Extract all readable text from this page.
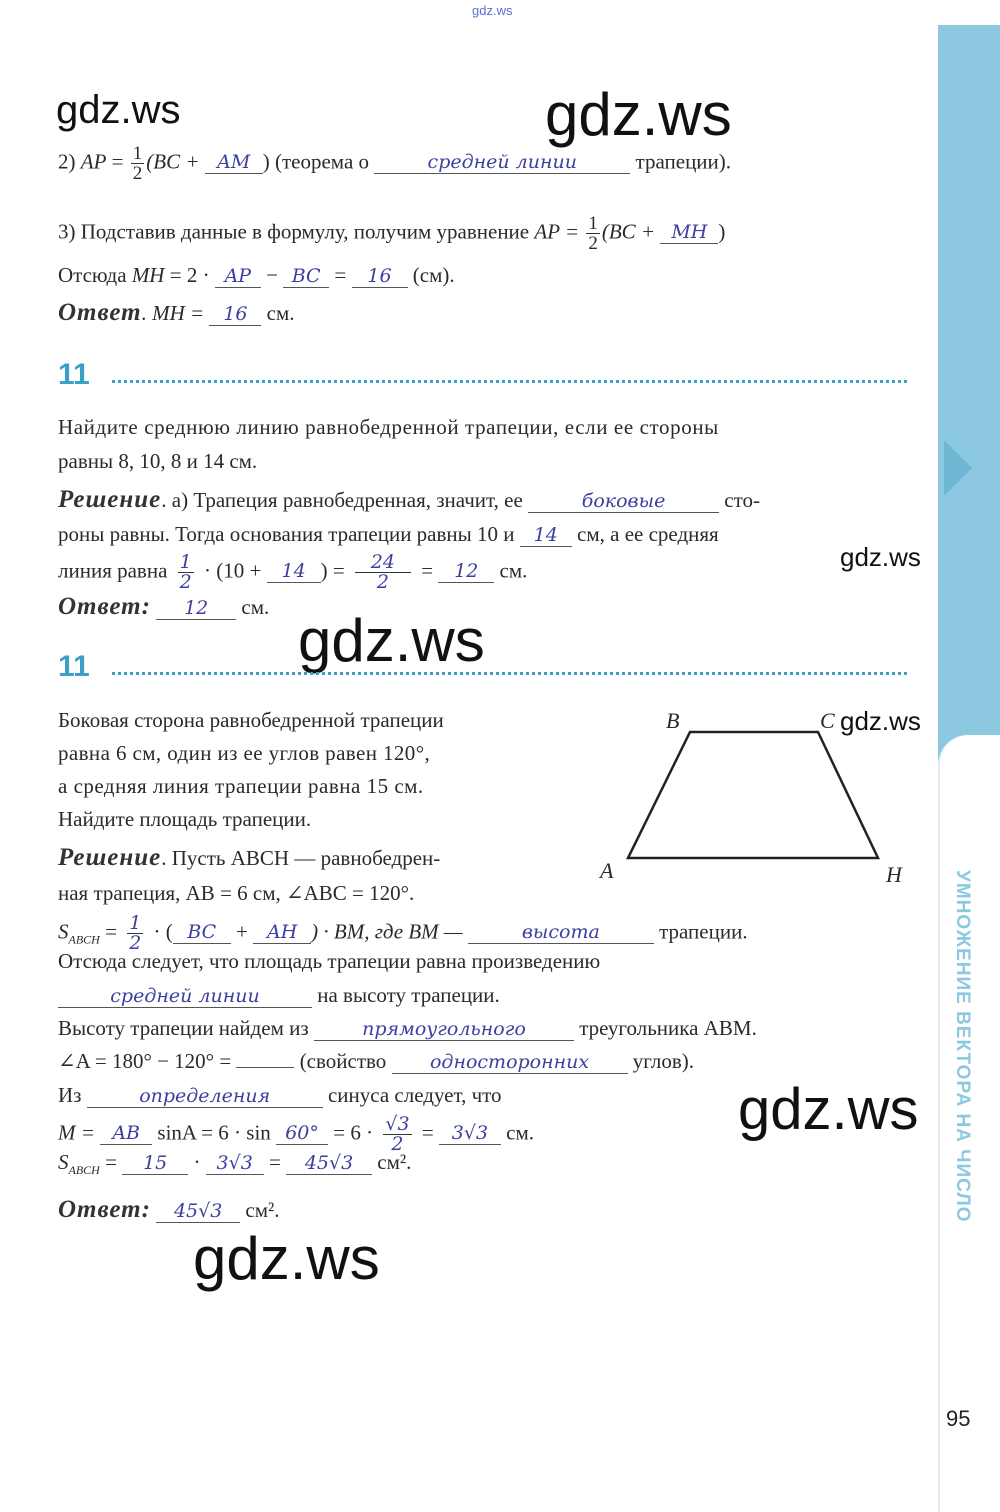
УМНОЖЕНИЕ ВЕКТОРА НА ЧИСЛО
95
gdz.ws
gdz.ws	gdz.ws
gdz.ws
gdz.ws
gdz.ws
gdz.ws
gdz.ws
2) AP = $\frac{1}{2} (BC$ + AM ) (теорема о	средней линии	трапеции).
3) Подставив данные в формулу, получим уравнение AP = $\frac{1}{2} (BC$ + MH )
Отсюда MH = 2 · AP − BC = 16 (см).
Ответ. MH = 16 см.
11
Найдите среднюю линию равнобедренной трапеции, если ее стороны
равны 8, 10, 8 и 14 см.
Решение. а) Трапеция равнобедренная, значит, ее	боковые	сто-
роны равны. Тогда основания трапеции равны 10 и 14 см, а ее средняя
линия равна $\frac{1}{2} \cdot (10 + 14$ ) = $\frac{24}{2} = 12$ см.
Ответ: 12 см.
11
Боковая сторона равнобедренной трапеции
равна 6 см, один из ее углов равен 120°,
а средняя линия трапеции равна 15 см.
Найдите площадь трапеции.
B	C
A	H
Решение. Пусть ABCH — равнобедрен-
ная трапеция, AB = 6 см, ∠ABC = 120°.
$S_{ABCH} = \frac{1}{2}$ · ( BC + AH ) · BM, где BM —	высота	трапеции.
Отсюда следует, что площадь трапеции равна произведению
средней линии на высоту трапеции.
Высоту трапеции найдем из	прямоугольного треугольника ABM.
∠A = 180° − 120° =	(свойство односторонних углов).
Из	определения синуса следует, что
M = AB $\sin A = 6 \cdot \sin 60^\circ = 6 \cdot \frac{√3}{2} = 3√3$ см.
$S_{ABCH} = 15 \cdot 3√3 = 45√3$ см².
Ответ: 45√3 см².
